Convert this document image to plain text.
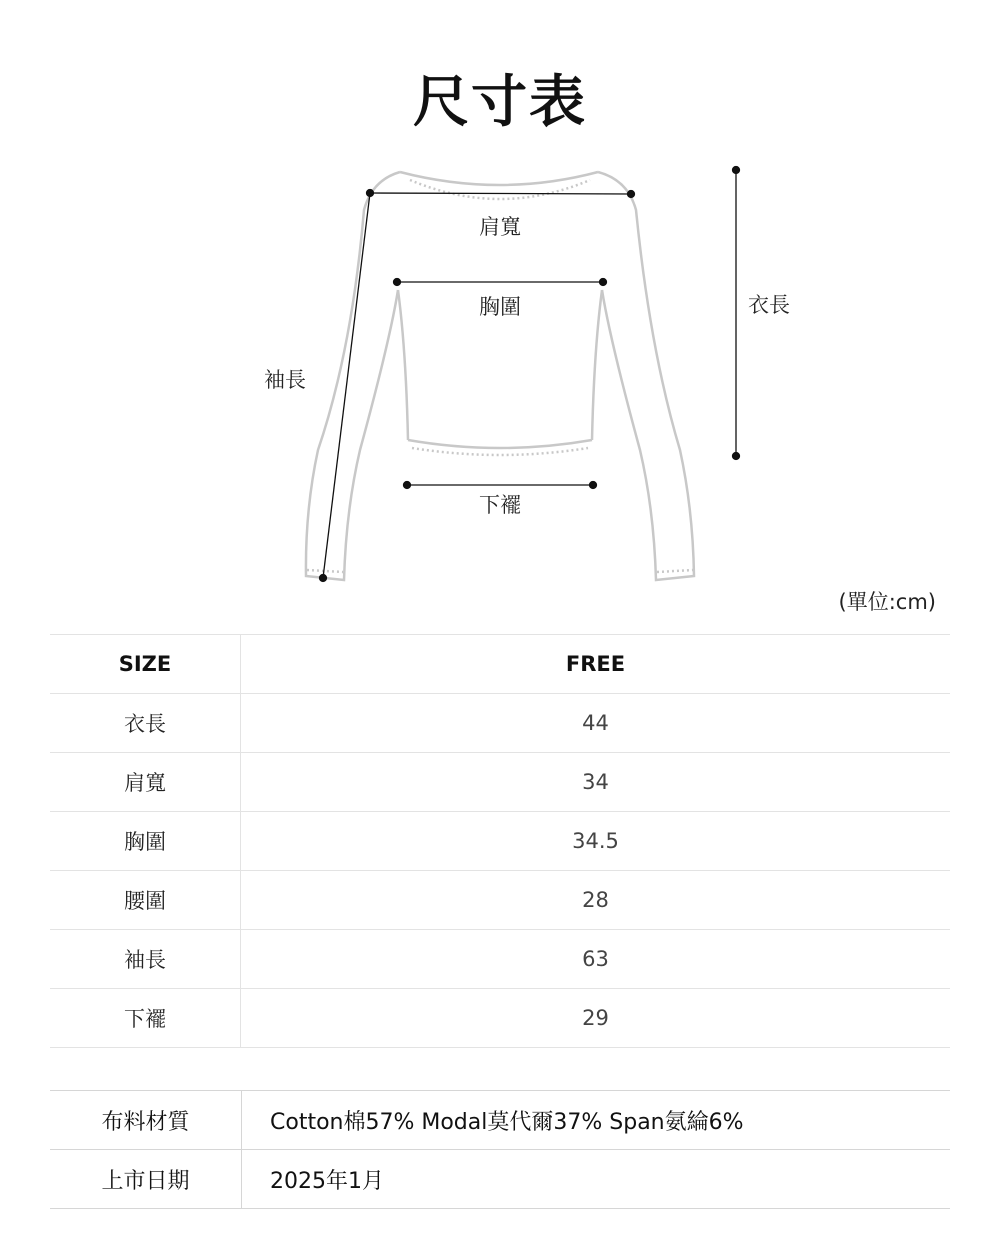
尺寸表
肩寬
胸圍
袖長
衣長
下襬
(單位:cm)
SIZE	FREE
衣長	44
肩寬	34
胸圍	34.5
腰圍	28
袖長	63
下襬	29
布料材質	Cotton棉57% Modal莫代爾37% Span氨綸6%
上市日期	2025年1月
